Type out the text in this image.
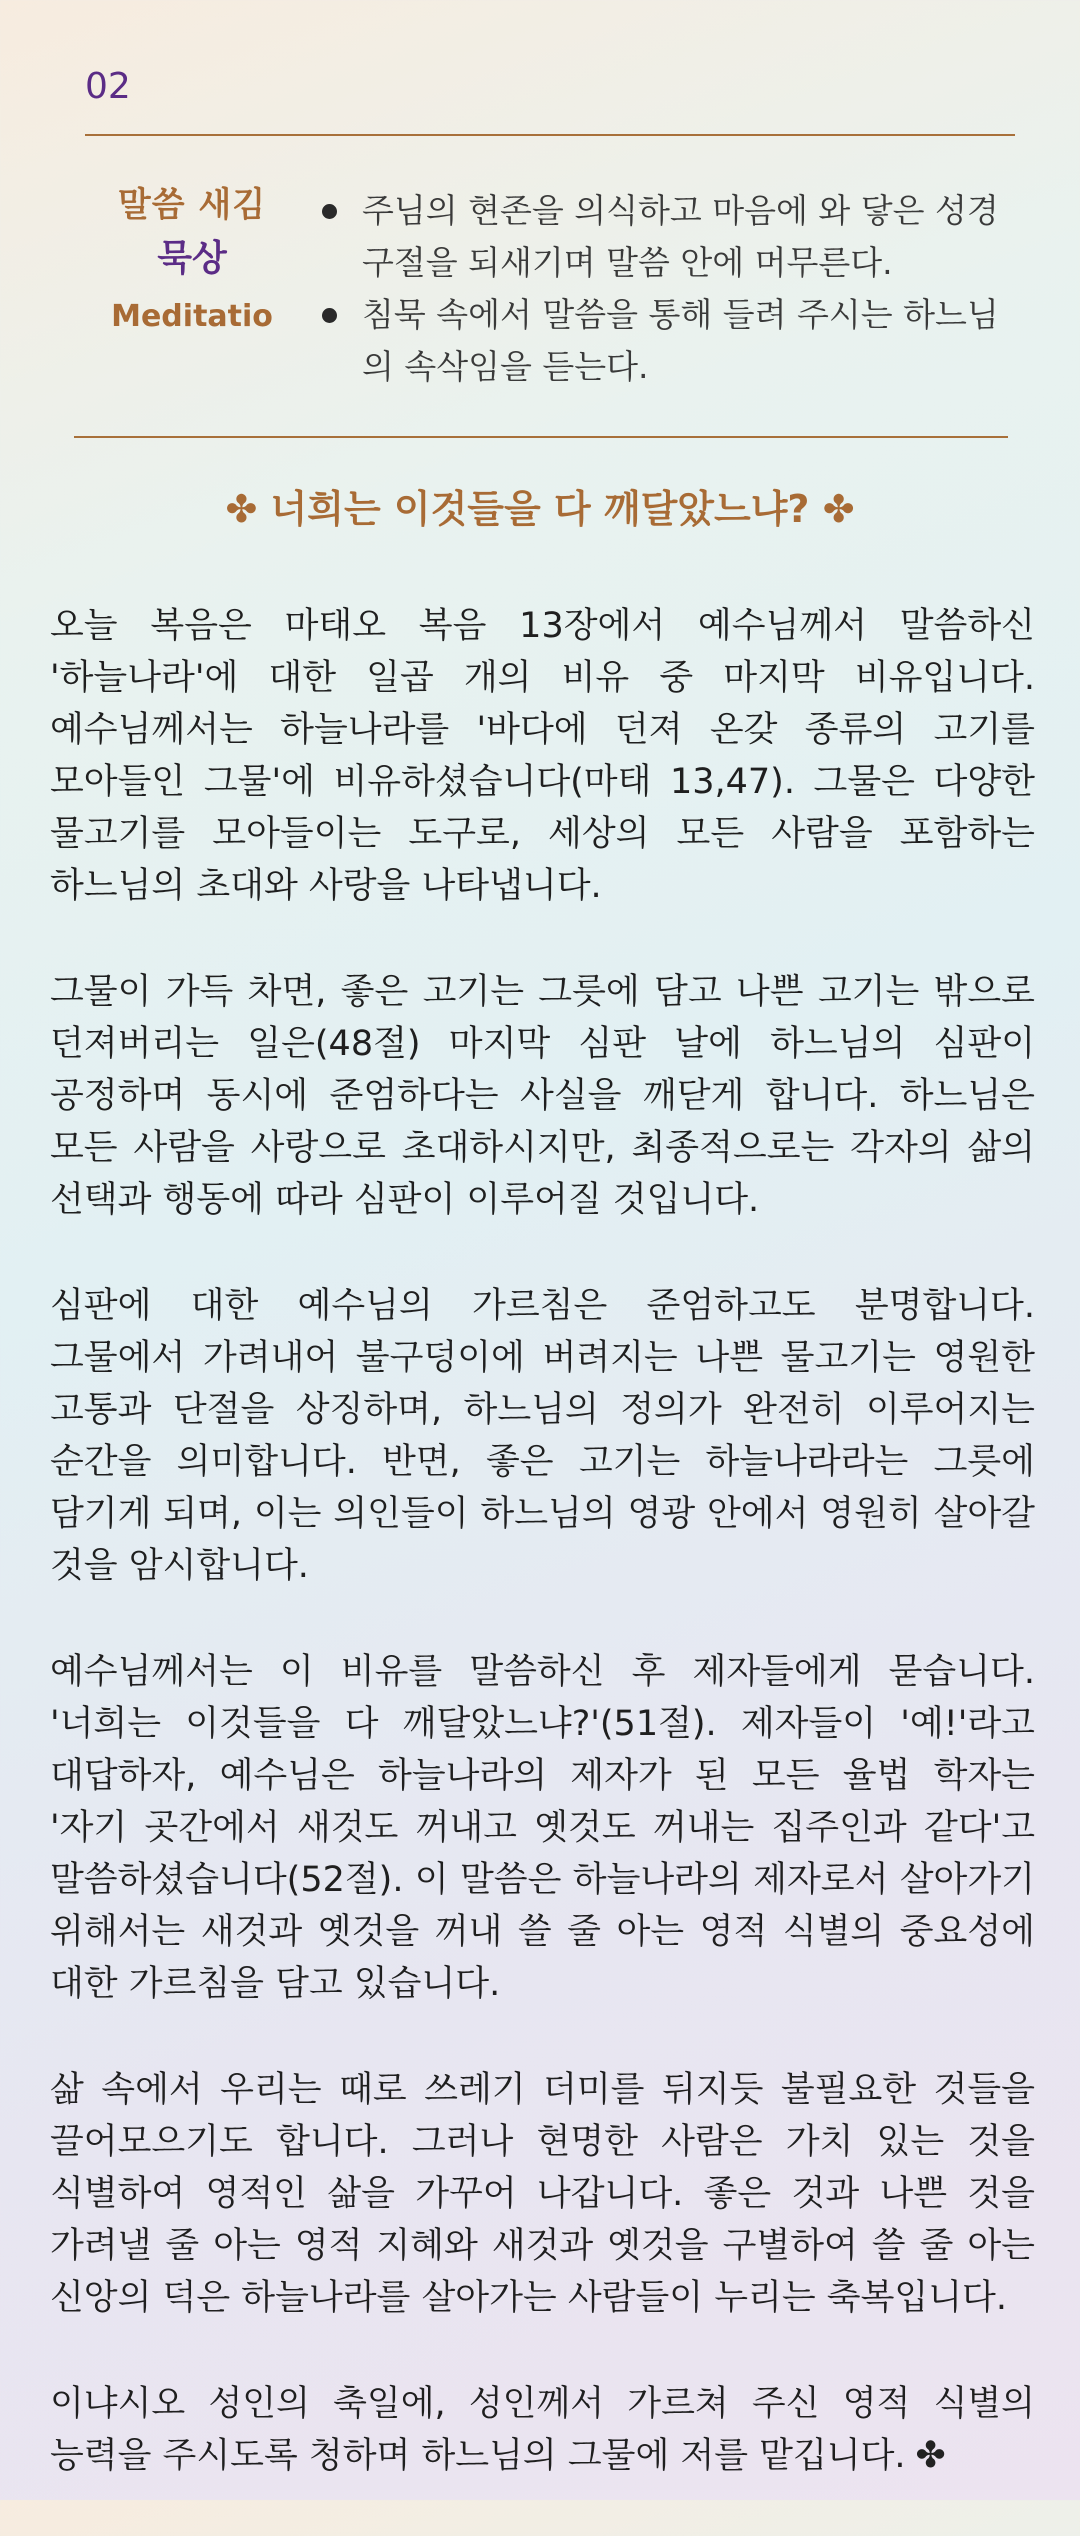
02
말씀 새김
묵상
Meditatio
주님의 현존을 의식하고 마음에 와 닿은 성경구절을 되새기며 말씀 안에 머무른다.
침묵 속에서 말씀을 통해 들려 주시는 하느님의 속삭임을 듣는다.
✤ 너희는 이것들을 다 깨달았느냐? ✤

오늘 복음은 마태오 복음 13장에서 예수님께서 말씀하신 '하늘나라'에 대한 일곱 개의 비유 중 마지막 비유입니다. 예수님께서는 하늘나라를 '바다에 던져 온갖 종류의 고기를 모아들인 그물'에 비유하셨습니다(마태 13,47). 그물은 다양한 물고기를 모아들이는 도구로, 세상의 모든 사람을 포함하는 하느님의 초대와 사랑을 나타냅니다.

그물이 가득 차면, 좋은 고기는 그릇에 담고 나쁜 고기는 밖으로 던져버리는 일은(48절) 마지막 심판 날에 하느님의 심판이 공정하며 동시에 준엄하다는 사실을 깨닫게 합니다. 하느님은 모든 사람을 사랑으로 초대하시지만, 최종적으로는 각자의 삶의 선택과 행동에 따라 심판이 이루어질 것입니다.

심판에 대한 예수님의 가르침은 준엄하고도 분명합니다. 그물에서 가려내어 불구덩이에 버려지는 나쁜 물고기는 영원한 고통과 단절을 상징하며, 하느님의 정의가 완전히 이루어지는 순간을 의미합니다. 반면, 좋은 고기는 하늘나라라는 그릇에 담기게 되며, 이는 의인들이 하느님의 영광 안에서 영원히 살아갈 것을 암시합니다.

예수님께서는 이 비유를 말씀하신 후 제자들에게 묻습니다. '너희는 이것들을 다 깨달았느냐?'(51절). 제자들이 '예!'라고 대답하자, 예수님은 하늘나라의 제자가 된 모든 율법 학자는 '자기 곳간에서 새것도 꺼내고 옛것도 꺼내는 집주인과 같다'고 말씀하셨습니다(52절). 이 말씀은 하늘나라의 제자로서 살아가기 위해서는 새것과 옛것을 꺼내 쓸 줄 아는 영적 식별의 중요성에 대한 가르침을 담고 있습니다.

삶 속에서 우리는 때로 쓰레기 더미를 뒤지듯 불필요한 것들을 끌어모으기도 합니다. 그러나 현명한 사람은 가치 있는 것을 식별하여 영적인 삶을 가꾸어 나갑니다. 좋은 것과 나쁜 것을 가려낼 줄 아는 영적 지혜와 새것과 옛것을 구별하여 쓸 줄 아는 신앙의 덕은 하늘나라를 살아가는 사람들이 누리는 축복입니다.

이냐시오 성인의 축일에, 성인께서 가르쳐 주신 영적 식별의 능력을 주시도록 청하며 하느님의 그물에 저를 맡깁니다. ✤
